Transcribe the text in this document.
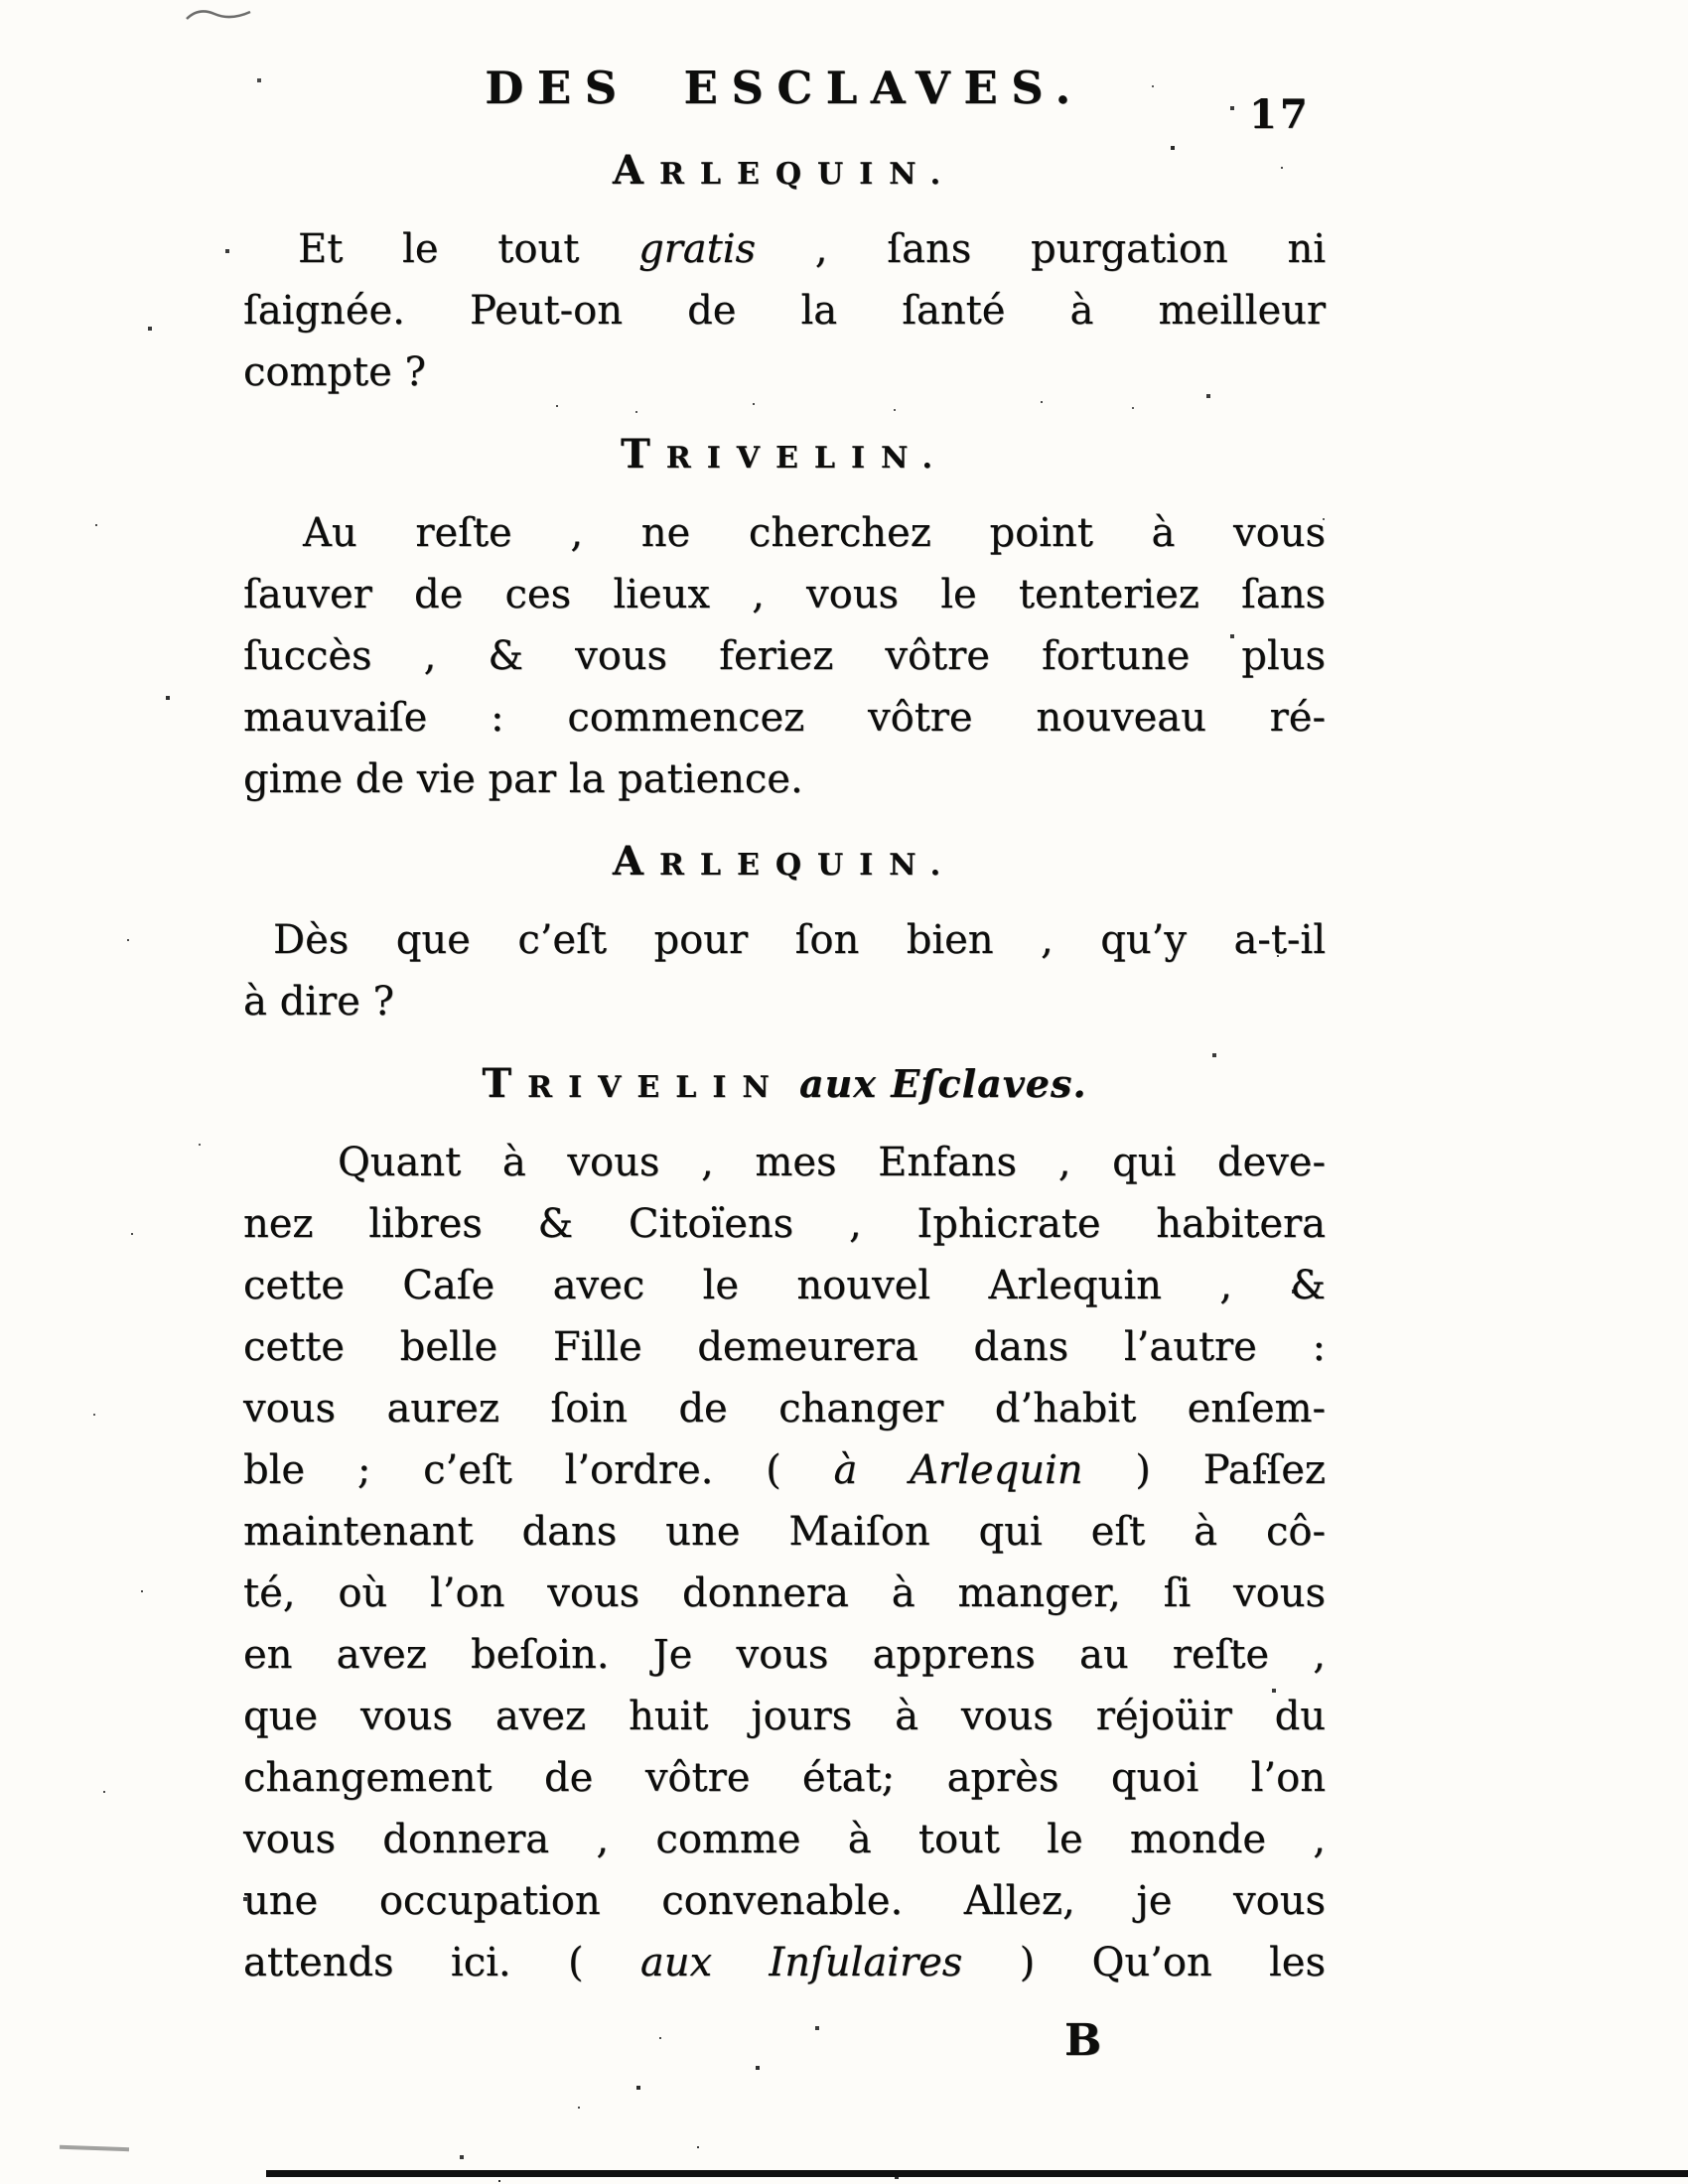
17
DES ESCLAVES.
ARLEQUIN.
Et le tout gratis , ſans purgation ni
ſaignée. Peut-on de la ſanté à meilleur
compte ?
TRIVELIN.
Au reſte , ne cherchez point à vous
ſauver de ces lieux , vous le tenteriez ſans
ſuccès , & vous feriez vôtre fortune plus
mauvaiſe : commencez vôtre nouveau ré-
gime de vie par la patience.
ARLEQUIN.
Dès que c’eſt pour ſon bien , qu’y a-t-il
à dire ?
TRIVELIN aux Eſclaves.
Quant à vous , mes Enfans , qui deve-
nez libres & Citoïens , Iphicrate habitera
cette Caſe avec le nouvel Arlequin , &
cette belle Fille demeurera dans l’autre :
vous aurez ſoin de changer d’habit enſem-
ble ; c’eſt l’ordre. ( à Arlequin ) Paſſez
maintenant dans une Maiſon qui eſt à cô-
té, où l’on vous donnera à manger, ſi vous
en avez beſoin. Je vous apprens au reſte ,
que vous avez huit jours à vous réjoüir du
changement de vôtre état; après quoi l’on
vous donnera , comme à tout le monde ,
une occupation convenable. Allez, je vous
attends ici. ( aux Inſulaires ) Qu’on les
B
